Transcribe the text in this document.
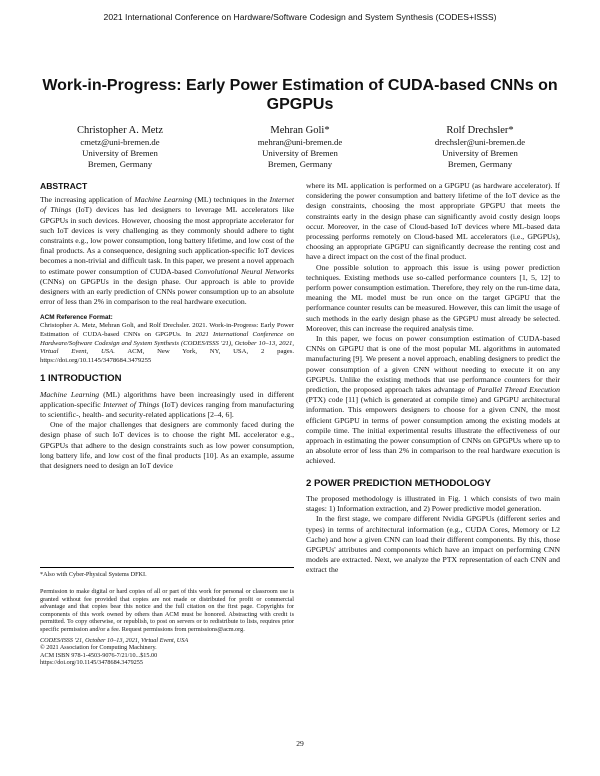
2021 International Conference on Hardware/Software Codesign and System Synthesis (CODES+ISSS)
Work-in-Progress: Early Power Estimation of CUDA-based CNNs on GPGPUs
Christopher A. Metz
cmetz@uni-bremen.de
University of Bremen
Bremen, Germany
Mehran Goli*
mehran@uni-bremen.de
University of Bremen
Bremen, Germany
Rolf Drechsler*
drechsler@uni-bremen.de
University of Bremen
Bremen, Germany
ABSTRACT

The increasing application of Machine Learning (ML) techniques in the Internet of Things (IoT) devices has led designers to leverage ML accelerators like GPGPUs in such devices. However, choosing the most appropriate accelerator for such IoT devices is very challenging as they commonly should adhere to tight constraints e.g., low power consumption, long battery lifetime, and low cost of the final products. As a consequence, designing such application-specific IoT devices becomes a non-trivial and difficult task. In this paper, we present a novel approach to estimate power consumption of CUDA-based Convolutional Neural Networks (CNNs) on GPGPUs in the design phase. Our approach is able to provide designers with an early prediction of CNNs power consumption up to an absolute error of less than 2% in comparison to the real hardware execution.

ACM Reference Format:

Christopher A. Metz, Mehran Goli, and Rolf Drechsler. 2021. Work-in-Progress: Early Power Estimation of CUDA-based CNNs on GPGPUs. In 2021 International Conference on Hardware/Software Codesign and System Synthesis (CODES/ISSS '21), October 10–13, 2021, Virtual Event, USA. ACM, New York, NY, USA, 2 pages. https://doi.org/10.1145/3478684.3479255

1 INTRODUCTION

Machine Learning (ML) algorithms have been increasingly used in different application-specific Internet of Things (IoT) devices ranging from manufacturing to scientific-, health- and security-related applications [2–4, 6].

One of the major challenges that designers are commonly faced during the design phase of such IoT devices is to choose the right ML accelerator e.g., GPGPUs that adhere to the design constraints such as low power consumption, long battery life, and low cost of the final products [10]. As an example, assume that designers need to design an IoT device

*Also with Cyber-Physical Systems DFKI.

Permission to make digital or hard copies of all or part of this work for personal or classroom use is granted without fee provided that copies are not made or distributed for profit or commercial advantage and that copies bear this notice and the full citation on the first page. Copyrights for components of this work owned by others than ACM must be honored. Abstracting with credit is permitted. To copy otherwise, or republish, to post on servers or to redistribute to lists, requires prior specific permission and/or a fee. Request permissions from permissions@acm.org.

CODES/ISSS '21, October 10–13, 2021, Virtual Event, USA

© 2021 Association for Computing Machinery.

ACM ISBN 978-1-4503-9076-7/21/10...$15.00

https://doi.org/10.1145/3478684.3479255

where its ML application is performed on a GPGPU (as hardware accelerator). If considering the power consumption and battery lifetime of the IoT device as the design constraints, choosing the most appropriate GPGPU that meets the constraints early in the design phase can significantly avoid costly design loops occur. Moreover, in the case of Cloud-based IoT devices where ML-based data processing performs remotely on Cloud-based ML accelerators (i.e., GPGPUs), choosing an appropriate GPGPU can significantly decrease the renting cost and have a direct impact on the cost of the final product.

One possible solution to approach this issue is using power prediction techniques. Existing methods use so-called performance counters [1, 5, 12] to perform power consumption estimation. Therefore, they rely on the run-time data, meaning the ML model must be run once on the target GPGPU that the performance counter results can be measured. However, this can limit the usage of such methods in the early design phase as the GPGPU must already be selected. Moreover, this can increase the required analysis time.

In this paper, we focus on power consumption estimation of CUDA-based CNNs on GPGPU that is one of the most popular ML algorithms in automated manufacturing [9]. We present a novel approach, enabling designers to predict the power consumption of a given CNN without needing to execute it on any GPGPUs. Unlike the existing methods that use performance counters for their prediction, the proposed approach takes advantage of Parallel Thread Execution (PTX) code [11] (which is generated at compile time) and GPGPU architectural information. This empowers designers to choose for a given CNN, the most efficient GPGPU in terms of power consumption among the existing models at compile time. The initial experimental results illustrate the effectiveness of our approach in estimating the power consumption of CNNs on GPGPUs where up to an absolute error of less than 2% in comparison to the real hardware execution is achieved.

2 POWER PREDICTION METHODOLOGY

The proposed methodology is illustrated in Fig. 1 which consists of two main stages: 1) Information extraction, and 2) Power predictive model generation.

In the first stage, we compare different Nvidia GPGPUs (different series and types) in terms of architectural information (e.g., CUDA Cores, Memory or L2 Cache) and how a given CNN can load their different components. By this, those GPGPUs' attributes and components which have an impact on performing CNN models are extracted. Next, we analyze the PTX representation of each CNN and extract the

29
